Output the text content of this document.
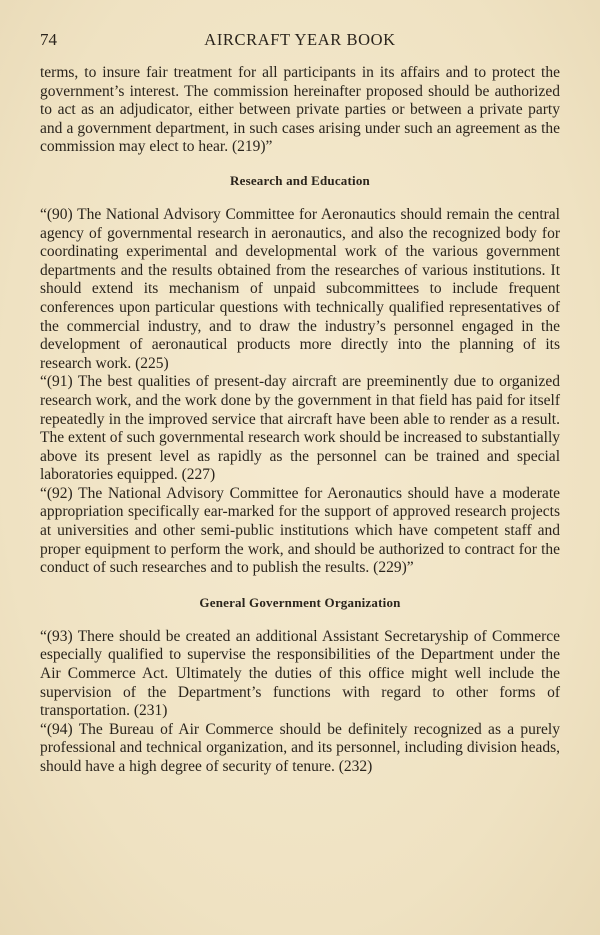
74	AIRCRAFT YEAR BOOK

terms, to insure fair treatment for all participants in its affairs and to protect the government’s interest. The commission hereinafter proposed should be authorized to act as an adjudicator, either between private parties or between a private party and a government department, in such cases arising under such an agreement as the commission may elect to hear. (219)”

Research and Education

“(90) The National Advisory Committee for Aeronautics should remain the central agency of governmental research in aeronautics, and also the recognized body for coordinating experimental and developmental work of the various government departments and the results obtained from the researches of various institutions. It should extend its mechanism of unpaid subcommittees to include frequent conferences upon particular questions with technically qualified representatives of the commercial industry, and to draw the industry’s personnel engaged in the development of aeronautical products more directly into the planning of its research work. (225)

“(91) The best qualities of present-day aircraft are preeminently due to organized research work, and the work done by the government in that field has paid for itself repeatedly in the improved service that aircraft have been able to render as a result. The extent of such governmental research work should be increased to substantially above its present level as rapidly as the personnel can be trained and special laboratories equipped. (227)

“(92) The National Advisory Committee for Aeronautics should have a moderate appropriation specifically ear-marked for the support of approved research projects at universities and other semi-public institutions which have competent staff and proper equipment to perform the work, and should be authorized to contract for the conduct of such researches and to publish the results. (229)”

General Government Organization

“(93) There should be created an additional Assistant Secretaryship of Commerce especially qualified to supervise the responsibilities of the Department under the Air Commerce Act. Ultimately the duties of this office might well include the supervision of the Department’s functions with regard to other forms of transportation. (231)

“(94) The Bureau of Air Commerce should be definitely recognized as a purely professional and technical organization, and its personnel, including division heads, should have a high degree of security of tenure. (232)
